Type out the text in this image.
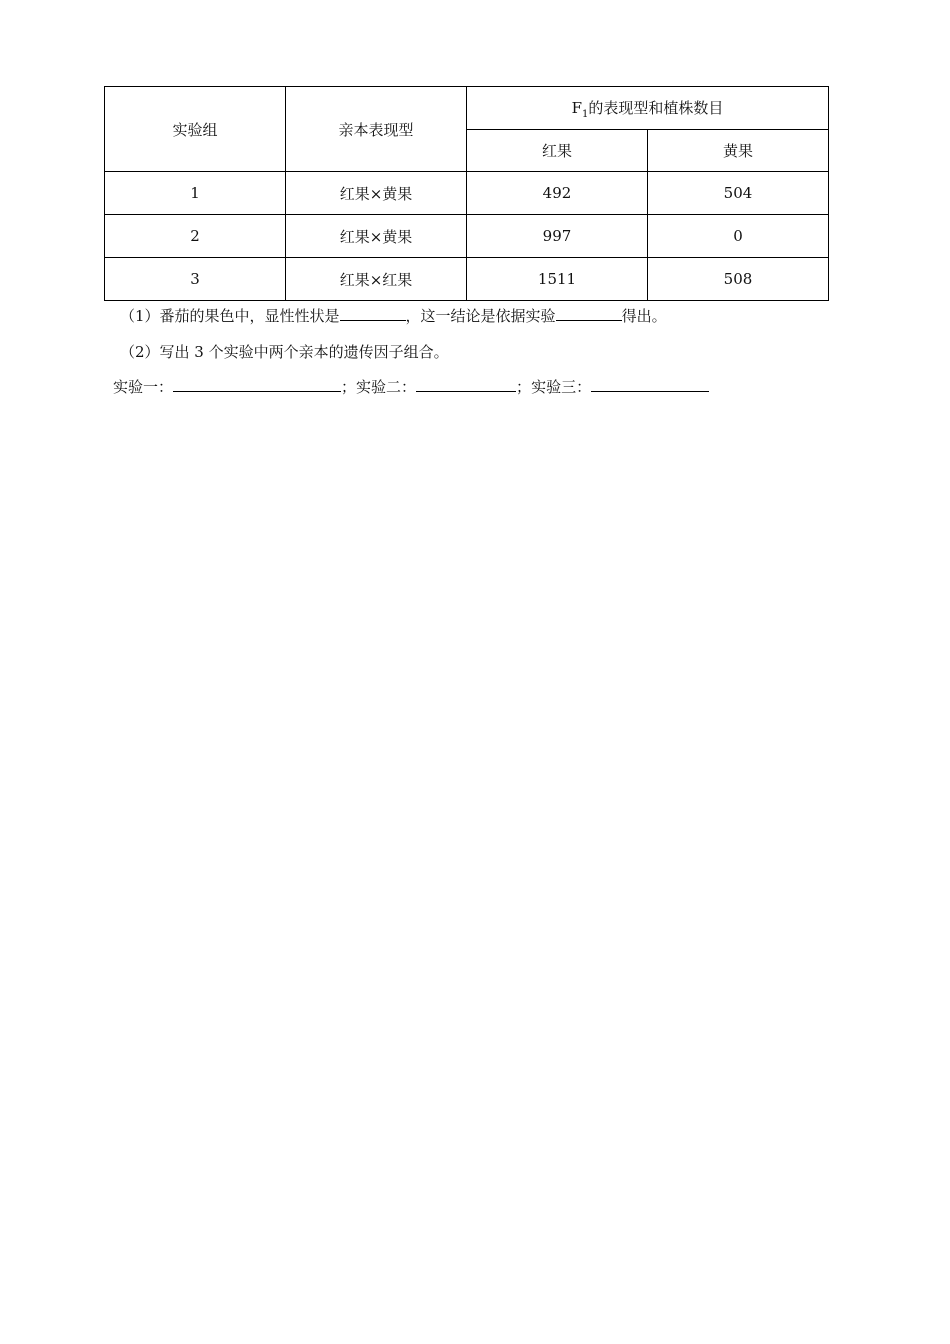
实验组	亲本表现型	$F_1$的表现型和植株数目	
		红果	黄果
1	红果×黄果	492	504
2	红果×黄果	997	0
3	红果×红果	1511	508
（1）番茄的果色中，显性性状是	，这一结论是依据实验	得出。
（2）写出 3 个实验中两个亲本的遗传因子组合。
实验一：	；实验二：	；实验三：
